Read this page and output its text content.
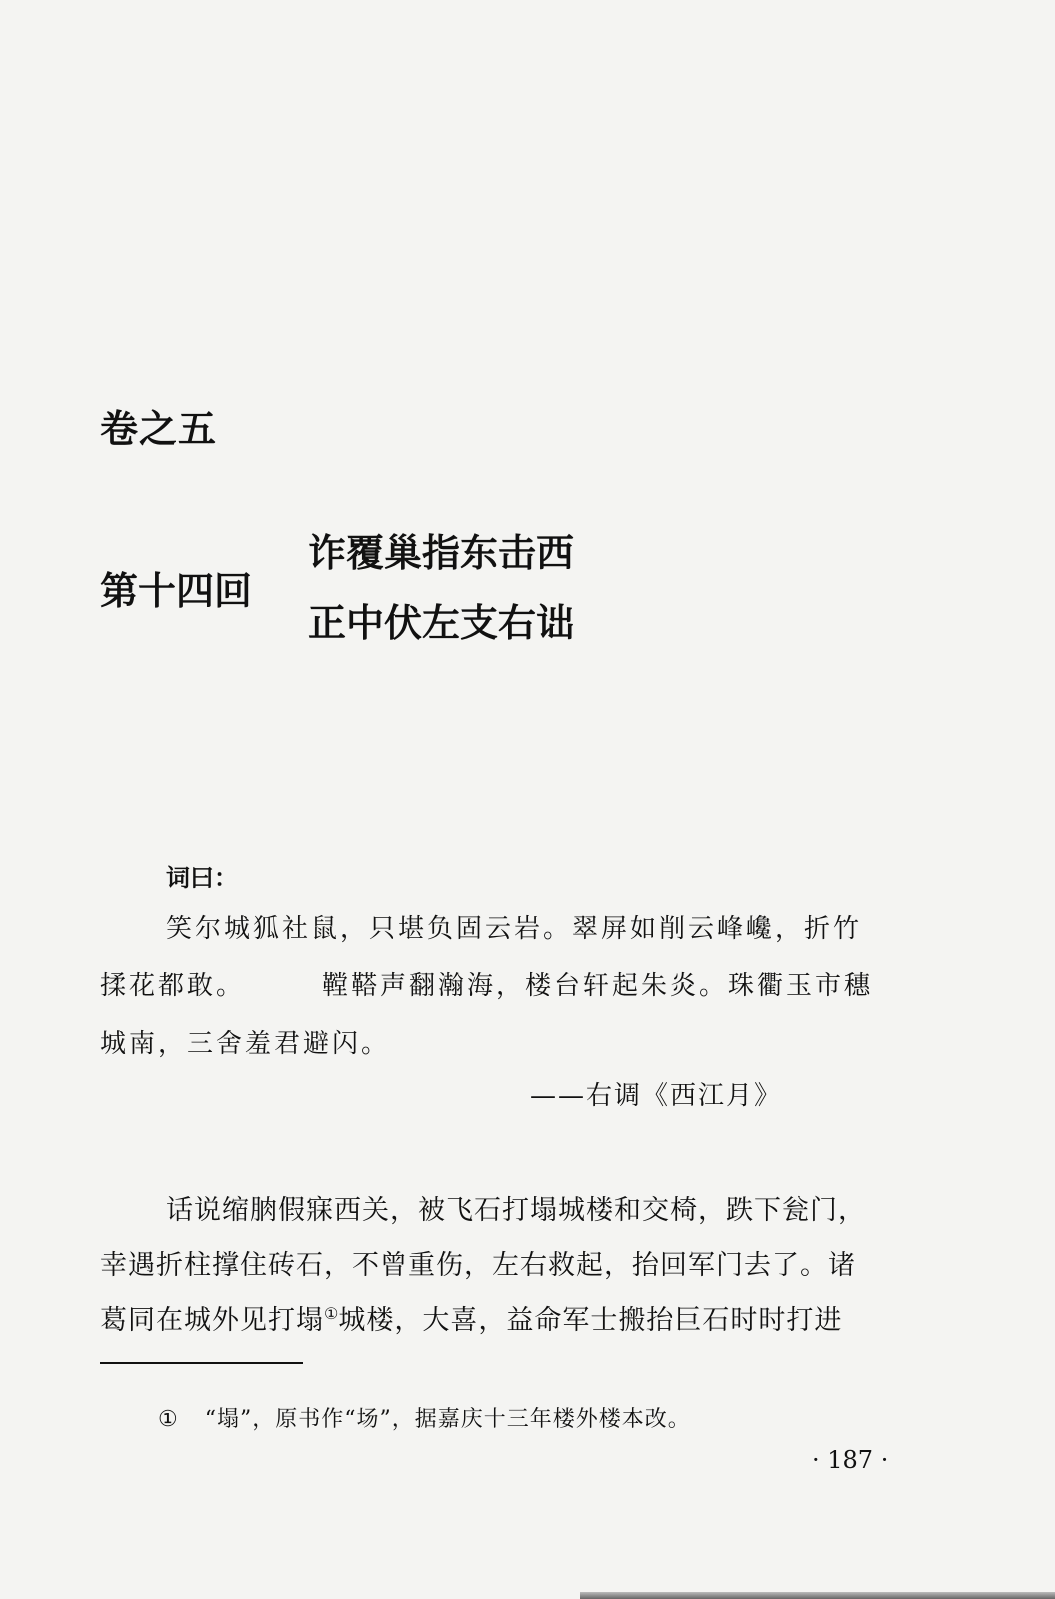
卷之五
第十四回
诈覆巢指东击西
正中伏左支右诎
词曰：
笑尔城狐社鼠，只堪负固云岩。翠屏如削云峰巉，折竹
揉花都敢。	鞺鞳声翻瀚海，楼台轩起朱炎。珠衢玉市穗
城南，三舍羞君避闪。
——右调《西江月》
话说缩朒假寐西关，被飞石打塌城楼和交椅，跌下瓮门，
幸遇折柱撑住砖石，不曾重伤，左右救起，抬回军门去了。诸
葛同在城外见打塌①城楼，大喜，益命军士搬抬巨石时时打进
① “塌”，原书作“场”，据嘉庆十三年楼外楼本改。
· 187 ·
